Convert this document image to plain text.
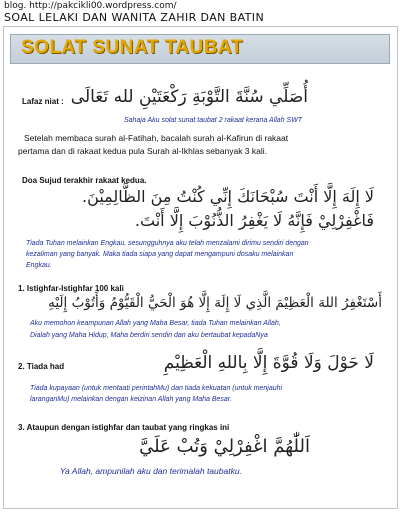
blog. http://pakcikli00.wordpress.com/
SOAL LELAKI DAN WANITA ZAHIR DAN BATIN
SOLAT SUNAT TAUBAT
Lafaz niat : أُصَلِّي سُنَّةَ التَّوْبَةِ رَكْعَتَيْنِ لله تَعَالَى
Sahaja Aku solat sunat taubat 2 rakaat kerana Allah SWT
Setelah membaca surah al-Fatihah, bacalah surah al-Kafirun di rakaat
pertama dan di rakaat kedua pula Surah al-Ikhlas sebanyak 3 kali.
Doa Sujud terakhir rakaat kedua.
لَا إِلَهَ إِلَّا أَنْتَ سُبْحَانَكَ إِنِّي كُنْتُ مِنَ الظَّالِمِيْنَ.
فَاغْفِرْلِيْ فَإِنَّهُ لَا يَغْفِرُ الذُّنُوْبَ إِلَّا أَنْتَ.
Tiada Tuhan melainkan Engkau, sesungguhnya aku telah menzalami dirimu sendiri dengan
kezaliman yang banyak. Maka tiada siapa yang dapat mengampuni dosaku melainkan
Engkau.
1. Istighfar-Istighfar 100 kali
أَسْتَغْفِرُ اللهَ الْعَظِيْمَ الَّذِي لَا إِلَهَ إِلَّا هُوَ الْحَيُّ الْقَيُّوْمُ وَأَتُوْبُ إِلَيْهِ
Aku memohon keampunan Allah yang Maha Besar, tiada Tuhan melainkan Allah,
Dialah yang Maha Hidup, Maha berdiri sendiri dan aku bertaubat kepadaNya
2. Tiada had	لَا حَوْلَ وَلَا قُوَّةَ إِلَّا بِاللهِ الْعَظِيْمِ
Tiada kupayaan (untuk mentaati perintahMu) dan tiada kekuatan (untuk menjauhi
laranganMu) melainkan dengan keizinan Allah yang Maha Besar.
3. Ataupun dengan istighfar dan taubat yang ringkas ini
اَللّٰهُمَّ اغْفِرْلِيْ وَتُبْ عَلَيَّ
Ya Allah, ampunilah aku dan terimalah taubatku.
